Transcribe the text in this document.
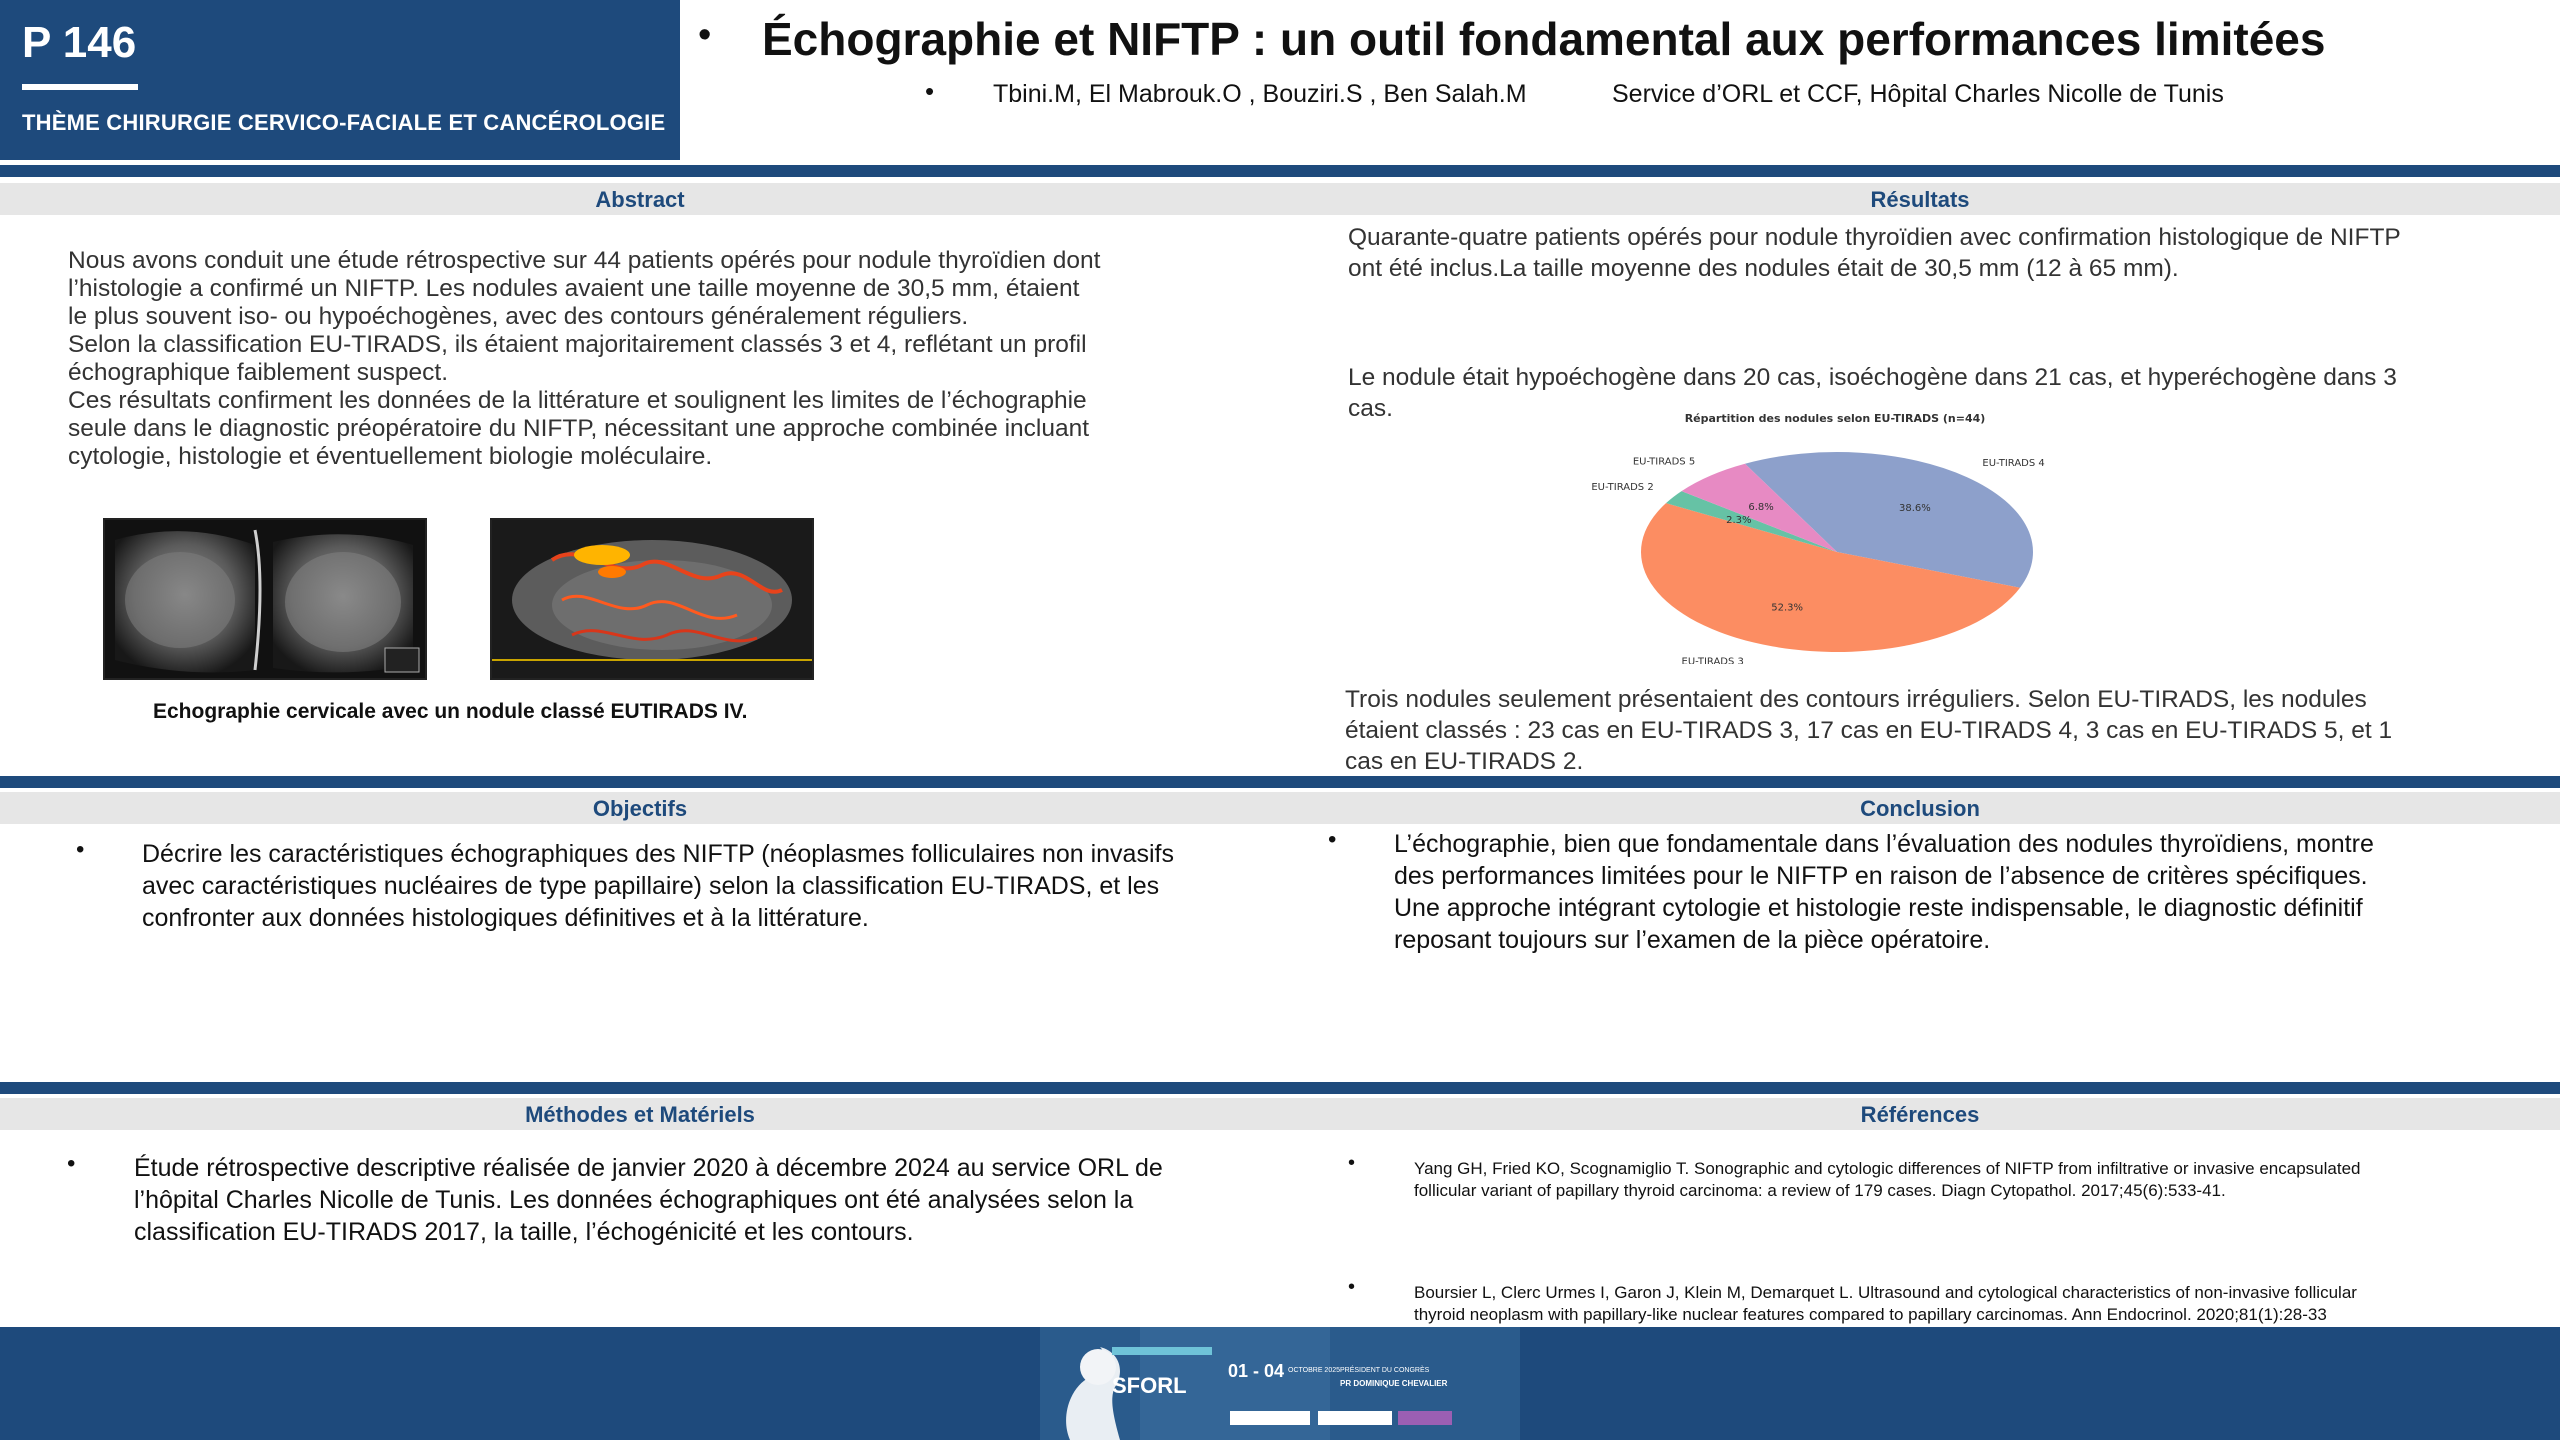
P 146
THÈME CHIRURGIE CERVICO-FACIALE ET CANCÉROLOGIE
• Échographie et NIFTP : un outil fondamental aux performances limitées
• Tbini.M, El Mabrouk.O , Bouziri.S , Ben Salah.M	Service d’ORL et CCF, Hôpital Charles Nicolle de Tunis
Abstract	Résultats
Nous avons conduit une étude rétrospective sur 44 patients opérés pour nodule thyroïdien dont
l’histologie a confirmé un NIFTP. Les nodules avaient une taille moyenne de 30,5 mm, étaient
le plus souvent iso- ou hypoéchogènes, avec des contours généralement réguliers.
Selon la classification EU-TIRADS, ils étaient majoritairement classés 3 et 4, reflétant un profil
échographique faiblement suspect.
Ces résultats confirment les données de la littérature et soulignent les limites de l’échographie
seule dans le diagnostic préopératoire du NIFTP, nécessitant une approche combinée incluant
cytologie, histologie et éventuellement biologie moléculaire.
Echographie cervicale avec un nodule classé EUTIRADS IV.
Quarante-quatre patients opérés pour nodule thyroïdien avec confirmation histologique de NIFTP
ont été inclus.La taille moyenne des nodules était de 30,5 mm (12 à 65 mm).
Le nodule était hypoéchogène dans 20 cas, isoéchogène dans 21 cas, et hyperéchogène dans 3
cas.	Répartition des nodules selon EU-TIRADS (n=44)
38.6%
EU-TIRADS 4
52.3%
EU-TIRADS 3
2.3%
EU-TIRADS 2
6.8%
EU-TIRADS 5
Trois nodules seulement présentaient des contours irréguliers. Selon EU-TIRADS, les nodules
étaient classés : 23 cas en EU-TIRADS 3, 17 cas en EU-TIRADS 4, 3 cas en EU-TIRADS 5, et 1
cas en EU-TIRADS 2.
Objectifs	Conclusion
• Décrire les caractéristiques échographiques des NIFTP (néoplasmes folliculaires non invasifs
avec caractéristiques nucléaires de type papillaire) selon la classification EU-TIRADS, et les
confronter aux données histologiques définitives et à la littérature.
• L’échographie, bien que fondamentale dans l’évaluation des nodules thyroïdiens, montre
des performances limitées pour le NIFTP en raison de l’absence de critères spécifiques.
Une approche intégrant cytologie et histologie reste indispensable, le diagnostic définitif
reposant toujours sur l’examen de la pièce opératoire.
Méthodes et Matériels	Références
• Étude rétrospective descriptive réalisée de janvier 2020 à décembre 2024 au service ORL de
l’hôpital Charles Nicolle de Tunis. Les données échographiques ont été analysées selon la
classification EU-TIRADS 2017, la taille, l’échogénicité et les contours.
•	Yang GH, Fried KO, Scognamiglio T. Sonographic and cytologic differences of NIFTP from infiltrative or invasive encapsulated
follicular variant of papillary thyroid carcinoma: a review of 179 cases. Diagn Cytopathol. 2017;45(6):533-41.
•	Boursier L, Clerc Urmes I, Garon J, Klein M, Demarquet L. Ultrasound and cytological characteristics of non-invasive follicular
thyroid neoplasm with papillary-like nuclear features compared to papillary carcinomas. Ann Endocrinol. 2020;81(1):28-33
SFORL
01 - 04 OCTOBRE 2025 PRÉSIDENT DU CONGRÈS
PR DOMINIQUE CHEVALIER
